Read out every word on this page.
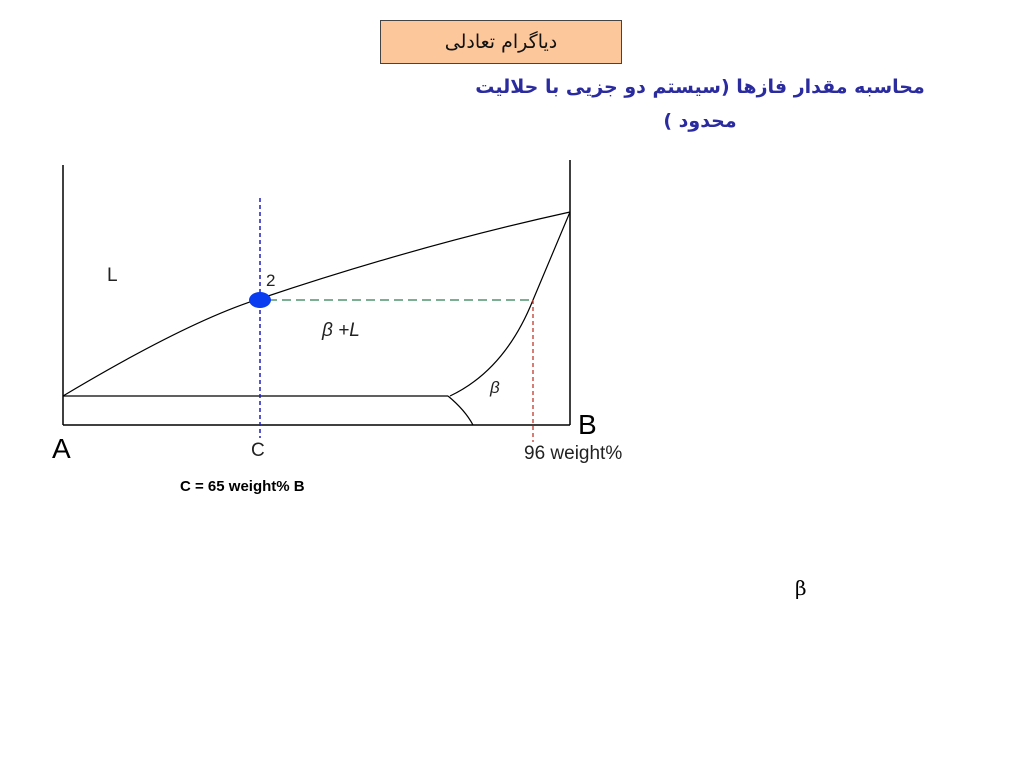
دیاگرام تعادلی
محاسبه مقدار فازها (سیستم دو جزیی با حلالیت
محدود )
L	2
β +L
β
A
B
C	96 weight%
C = 65 weight% B
β
